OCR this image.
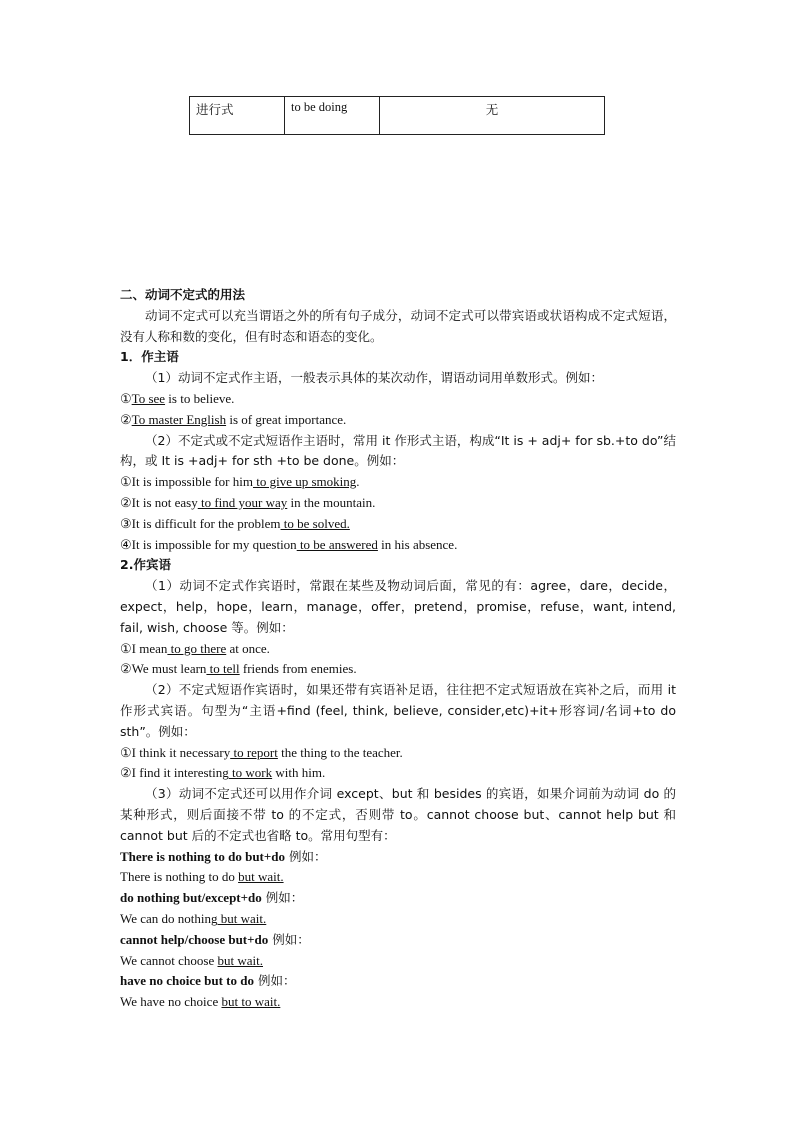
进行式	to be doing	无
二、动词不定式的用法
动词不定式可以充当谓语之外的所有句子成分，动词不定式可以带宾语或状语构成不定式短语，没有人称和数的变化，但有时态和语态的变化。
1．作主语
（1）动词不定式作主语，一般表示具体的某次动作，谓语动词用单数形式。例如：
①To see is to believe.
②To master English is of great importance.
（2）不定式或不定式短语作主语时，常用 it 作形式主语，构成“It is + adj+ for sb.+to do”结构，或 It is +adj+ for sth +to be done。例如：
①It is impossible for him to give up smoking.
②It is not easy to find your way in the mountain.
③It is difficult for the problem to be solved.
④It is impossible for my question to be answered in his absence.
2.作宾语
（1）动词不定式作宾语时，常跟在某些及物动词后面，常见的有：agree，dare，decide，expect，help，hope，learn，manage，offer，pretend，promise，refuse，want, intend, fail, wish, choose 等。例如：
①I mean to go there at once.
②We must learn to tell friends from enemies.
（2）不定式短语作宾语时，如果还带有宾语补足语，往往把不定式短语放在宾补之后，而用 it 作形式宾语。句型为“主语+find (feel, think, believe, consider,etc)+it+形容词/名词+to do sth”。例如：
①I think it necessary to report the thing to the teacher.
②I find it interesting to work with him.
（3）动词不定式还可以用作介词 except、but 和 besides 的宾语，如果介词前为动词 do 的某种形式，则后面接不带 to 的不定式，否则带 to。cannot choose but、cannot help but 和 cannot but 后的不定式也省略 to。常用句型有：
There is nothing to do but+do 例如：
There is nothing to do but wait.
do nothing but/except+do 例如：
We can do nothing but wait.
cannot help/choose but+do 例如：
We cannot choose but wait.
have no choice but to do 例如：
We have no choice but to wait.
